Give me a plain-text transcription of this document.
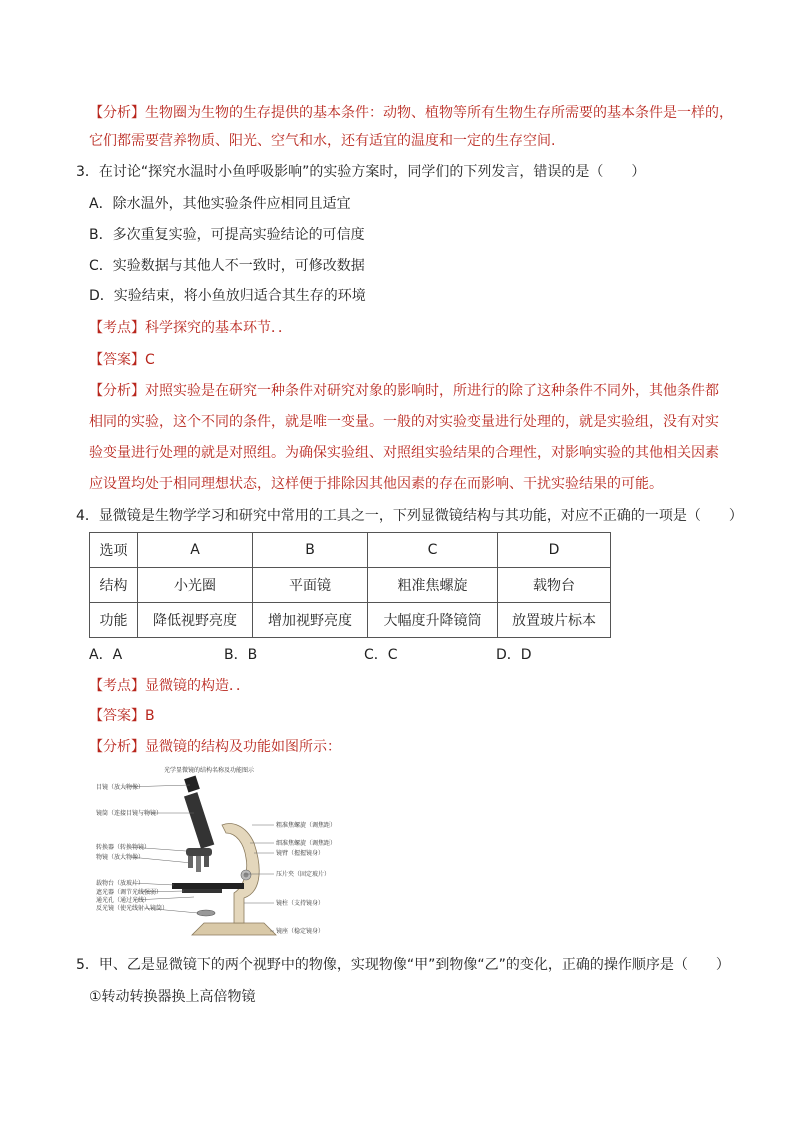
【分析】生物圈为生物的生存提供的基本条件：动物、植物等所有生物生存所需要的基本条件是一样的，
它们都需要营养物质、阳光、空气和水，还有适宜的温度和一定的生存空间.
3．在讨论“探究水温时小鱼呼吸影响”的实验方案时，同学们的下列发言，错误的是（　　）
A．除水温外，其他实验条件应相同且适宜
B．多次重复实验，可提高实验结论的可信度
C．实验数据与其他人不一致时，可修改数据
D．实验结束，将小鱼放归适合其生存的环境
【考点】科学探究的基本环节．．
【答案】C
【分析】对照实验是在研究一种条件对研究对象的影响时，所进行的除了这种条件不同外，其他条件都
相同的实验，这个不同的条件，就是唯一变量。一般的对实验变量进行处理的，就是实验组，没有对实
验变量进行处理的就是对照组。为确保实验组、对照组实验结果的合理性，对影响实验的其他相关因素
应设置均处于相同理想状态，这样便于排除因其他因素的存在而影响、干扰实验结果的可能。
4．显微镜是生物学学习和研究中常用的工具之一，下列显微镜结构与其功能，对应不正确的一项是（　　）
选项	A	B	C	D
结构	小光圈	平面镜	粗准焦螺旋	载物台
功能	降低视野亮度	增加视野亮度	大幅度升降镜筒	放置玻片标本
A．A	B．B	C．C	D．D
【考点】显微镜的构造．．
【答案】B
【分析】显微镜的结构及功能如图所示：
光学显微镜的结构名称及功能图示
目镜（放大物像）
镜筒（连接目镜与物镜）
转换器（转换物镜）
物镜（放大物像）
载物台（放玻片）
遮光器（调节光线强弱）
通光孔（通过光线）
反光镜（使光线射入镜筒）
粗准焦螺旋（调焦距）
细准焦螺旋（调焦距）
镜臂（握握镜身）
压片夹（固定玻片）
镜柱（支持镜身）
镜座（稳定镜身）
5．甲、乙是显微镜下的两个视野中的物像，实现物像“甲”到物像“乙”的变化，正确的操作顺序是（　　）
①转动转换器换上高倍物镜
